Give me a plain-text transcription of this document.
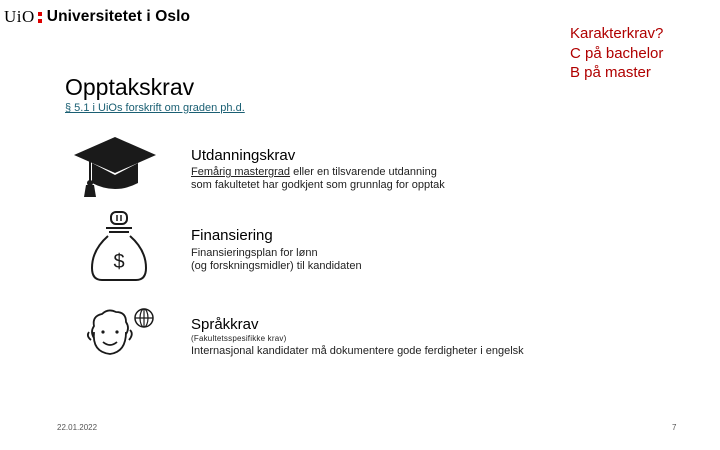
UiO Universitetet i Oslo
Karakterkrav?
C på bachelor
B på master
Opptakskrav
§ 5.1 i UiOs forskrift om graden ph.d.
Utdanningskrav
Femårig mastergrad eller en tilsvarende utdanning
som fakultetet har godkjent som grunnlag for opptak
$
Finansiering
Finansieringsplan for lønn
(og forskningsmidler) til kandidaten
Språkkrav
(Fakultetsspesifikke krav)
Internasjonal kandidater må dokumentere gode ferdigheter i engelsk
22.01.2022	7
